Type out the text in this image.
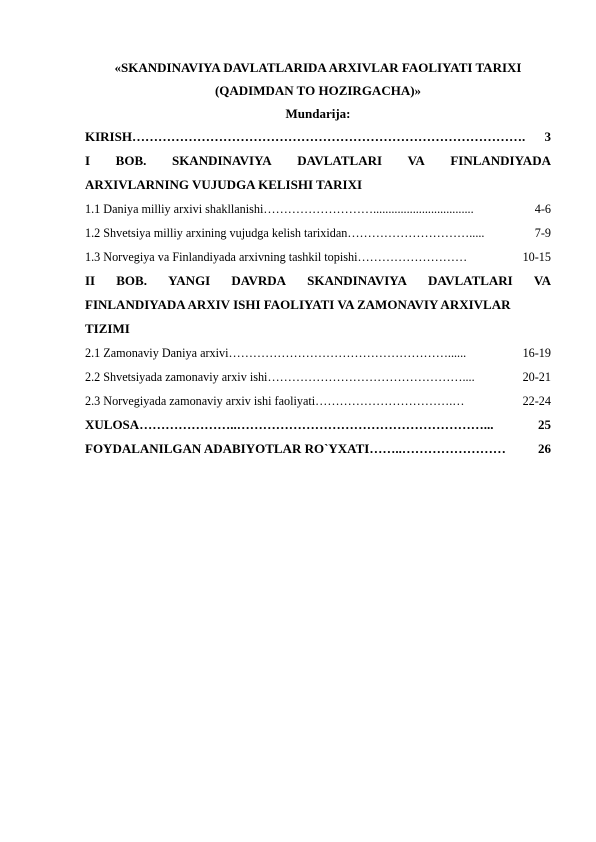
«SKANDINAVIYA DAVLATLARIDA ARXIVLAR FAOLIYATI TARIXI
(QADIMDAN TO HOZIRGACHA)»
Mundarija:
KIRISH ……………………………………………………………………………….	3
I BOB. SKANDINAVIYA DAVLATLARI VA FINLANDIYADA
ARXIVLARNING VUJUDGA KELISHI TARIXI
1.1 Daniya milliy arxivi shakllanishi ……………………….................................	4-6
1.2 Shvetsiya milliy arxining vujudga kelish tarixidan ………………………….....	7-9
1.3 Norvegiya va Finlandiyada arxivning tashkil topishi ………………………	10-15
II BOB. YANGI DAVRDA SKANDINAVIYA DAVLATLARI VA
FINLANDIYADA ARXIV ISHI FAOLIYATI VA ZAMONAVIY ARXIVLAR
TIZIMI
2.1 Zamonaviy Daniya arxivi ………………………………………………......	16-19
2.2 Shvetsiyada zamonaviy arxiv ishi …………………………………………....	20-21
2.3 Norvegiyada zamonaviy arxiv ishi faoliyati …………………………….…	22-24
XULOSA …………………..…………………………………………………...	25
FOYDALANILGAN ADABIYOTLAR RO`YXATI ……..……………………	26
